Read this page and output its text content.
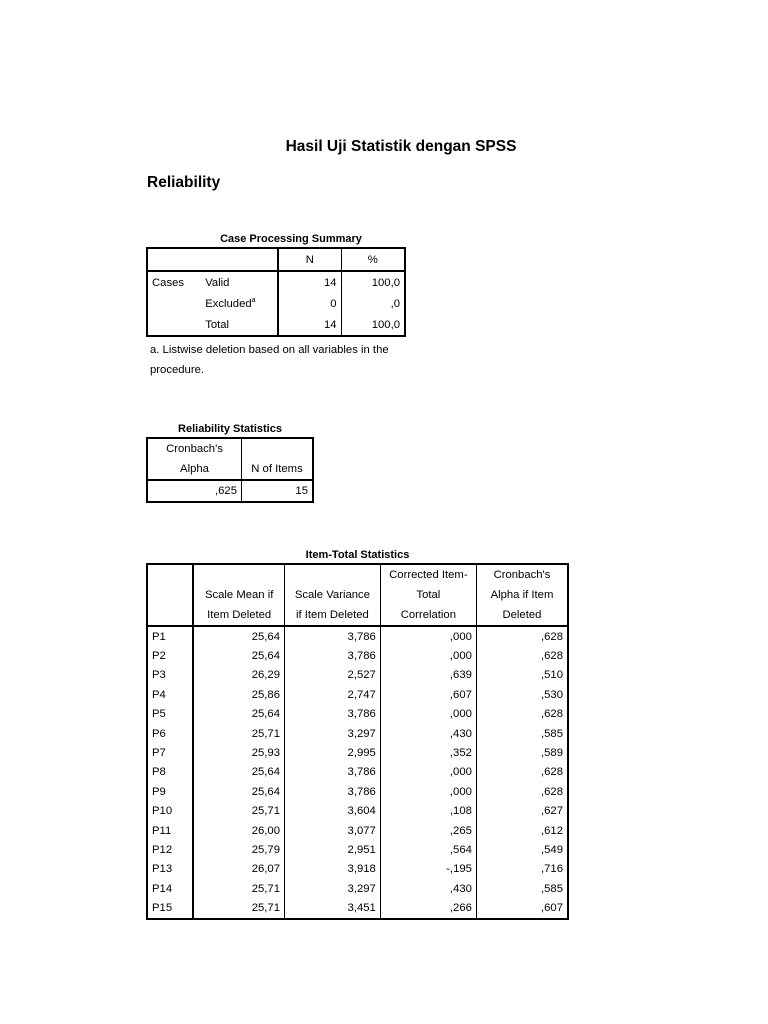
Hasil Uji Statistik dengan SPSS
Reliability
Case Processing Summary
		N	%
Cases	Valid	14	100,0
	Excluded$^a$	0	,0
	Total	14	100,0
a. Listwise deletion based on all variables in the
procedure.
Reliability Statistics
Cronbach's	
Alpha	N of Items
,625	15
Item-Total Statistics
			Corrected Item-	Cronbach's
	Scale Mean if	Scale Variance	Total	Alpha if Item
	Item Deleted	if Item Deleted	Correlation	Deleted
P1	25,64	3,786	,000	,628
P2	25,64	3,786	,000	,628
P3	26,29	2,527	,639	,510
P4	25,86	2,747	,607	,530
P5	25,64	3,786	,000	,628
P6	25,71	3,297	,430	,585
P7	25,93	2,995	,352	,589
P8	25,64	3,786	,000	,628
P9	25,64	3,786	,000	,628
P10	25,71	3,604	,108	,627
P11	26,00	3,077	,265	,612
P12	25,79	2,951	,564	,549
P13	26,07	3,918	-,195	,716
P14	25,71	3,297	,430	,585
P15	25,71	3,451	,266	,607
